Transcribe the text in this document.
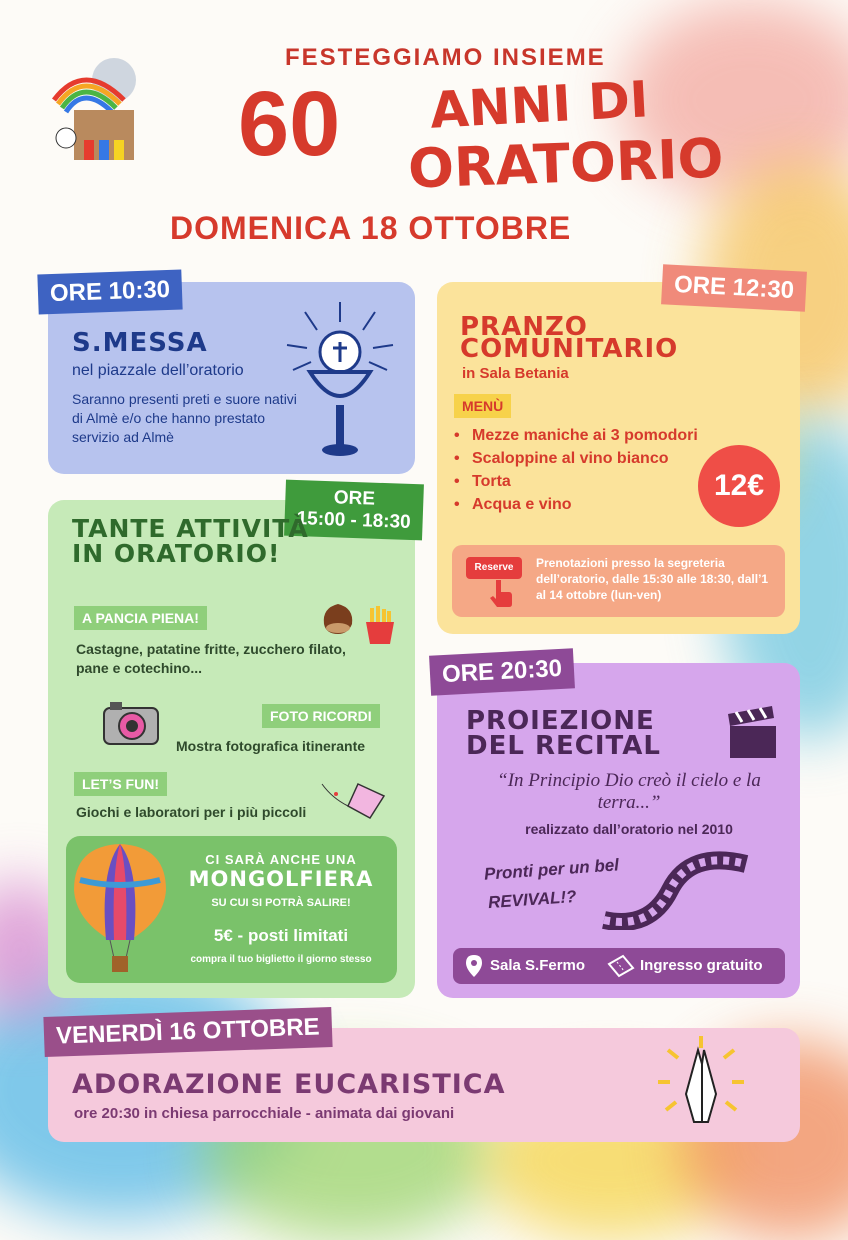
FESTEGGIAMO INSIEME
60 ANNI DI
ORATORIO
DOMENICA 18 OTTOBRE
ORE 10:30
S.MESSA
nel piazzale dell’oratorio
Saranno presenti preti e suore nativi di Almè e/o che hanno prestato servizio ad Almè
ORE 12:30
PRANZO
COMUNITARIO
in Sala Betania
MENÙ
• Mezze maniche ai 3 pomodori
• Scaloppine al vino bianco
• Torta
• Acqua e vino
12€
Reserve	Prenotazioni presso la segreteria dell’oratorio, dalle 15:30 alle 18:30, dall’1 al 14 ottobre (lun-ven)
ORE
15:00 - 18:30
TANTE ATTIVITÀ IN ORATORIO!
A PANCIA PIENA!
Castagne, patatine fritte, zucchero filato, pane e cotechino...
FOTO RICORDI
Mostra fotografica itinerante
LET’S FUN!
Giochi e laboratori per i più piccoli
CI SARÀ ANCHE UNA
MONGOLFIERA
SU CUI SI POTRÀ SALIRE!
5€ - posti limitati
compra il tuo biglietto il giorno stesso
ORE 20:30
PROIEZIONE
DEL RECITAL
“In Principio Dio creò il cielo e la terra...”
realizzato dall’oratorio nel 2010
Pronti per un bel
REVIVAL!?
Sala S.Fermo	Ingresso gratuito
VENERDÌ 16 OTTOBRE
ADORAZIONE EUCARISTICA
ore 20:30 in chiesa parrocchiale - animata dai giovani
